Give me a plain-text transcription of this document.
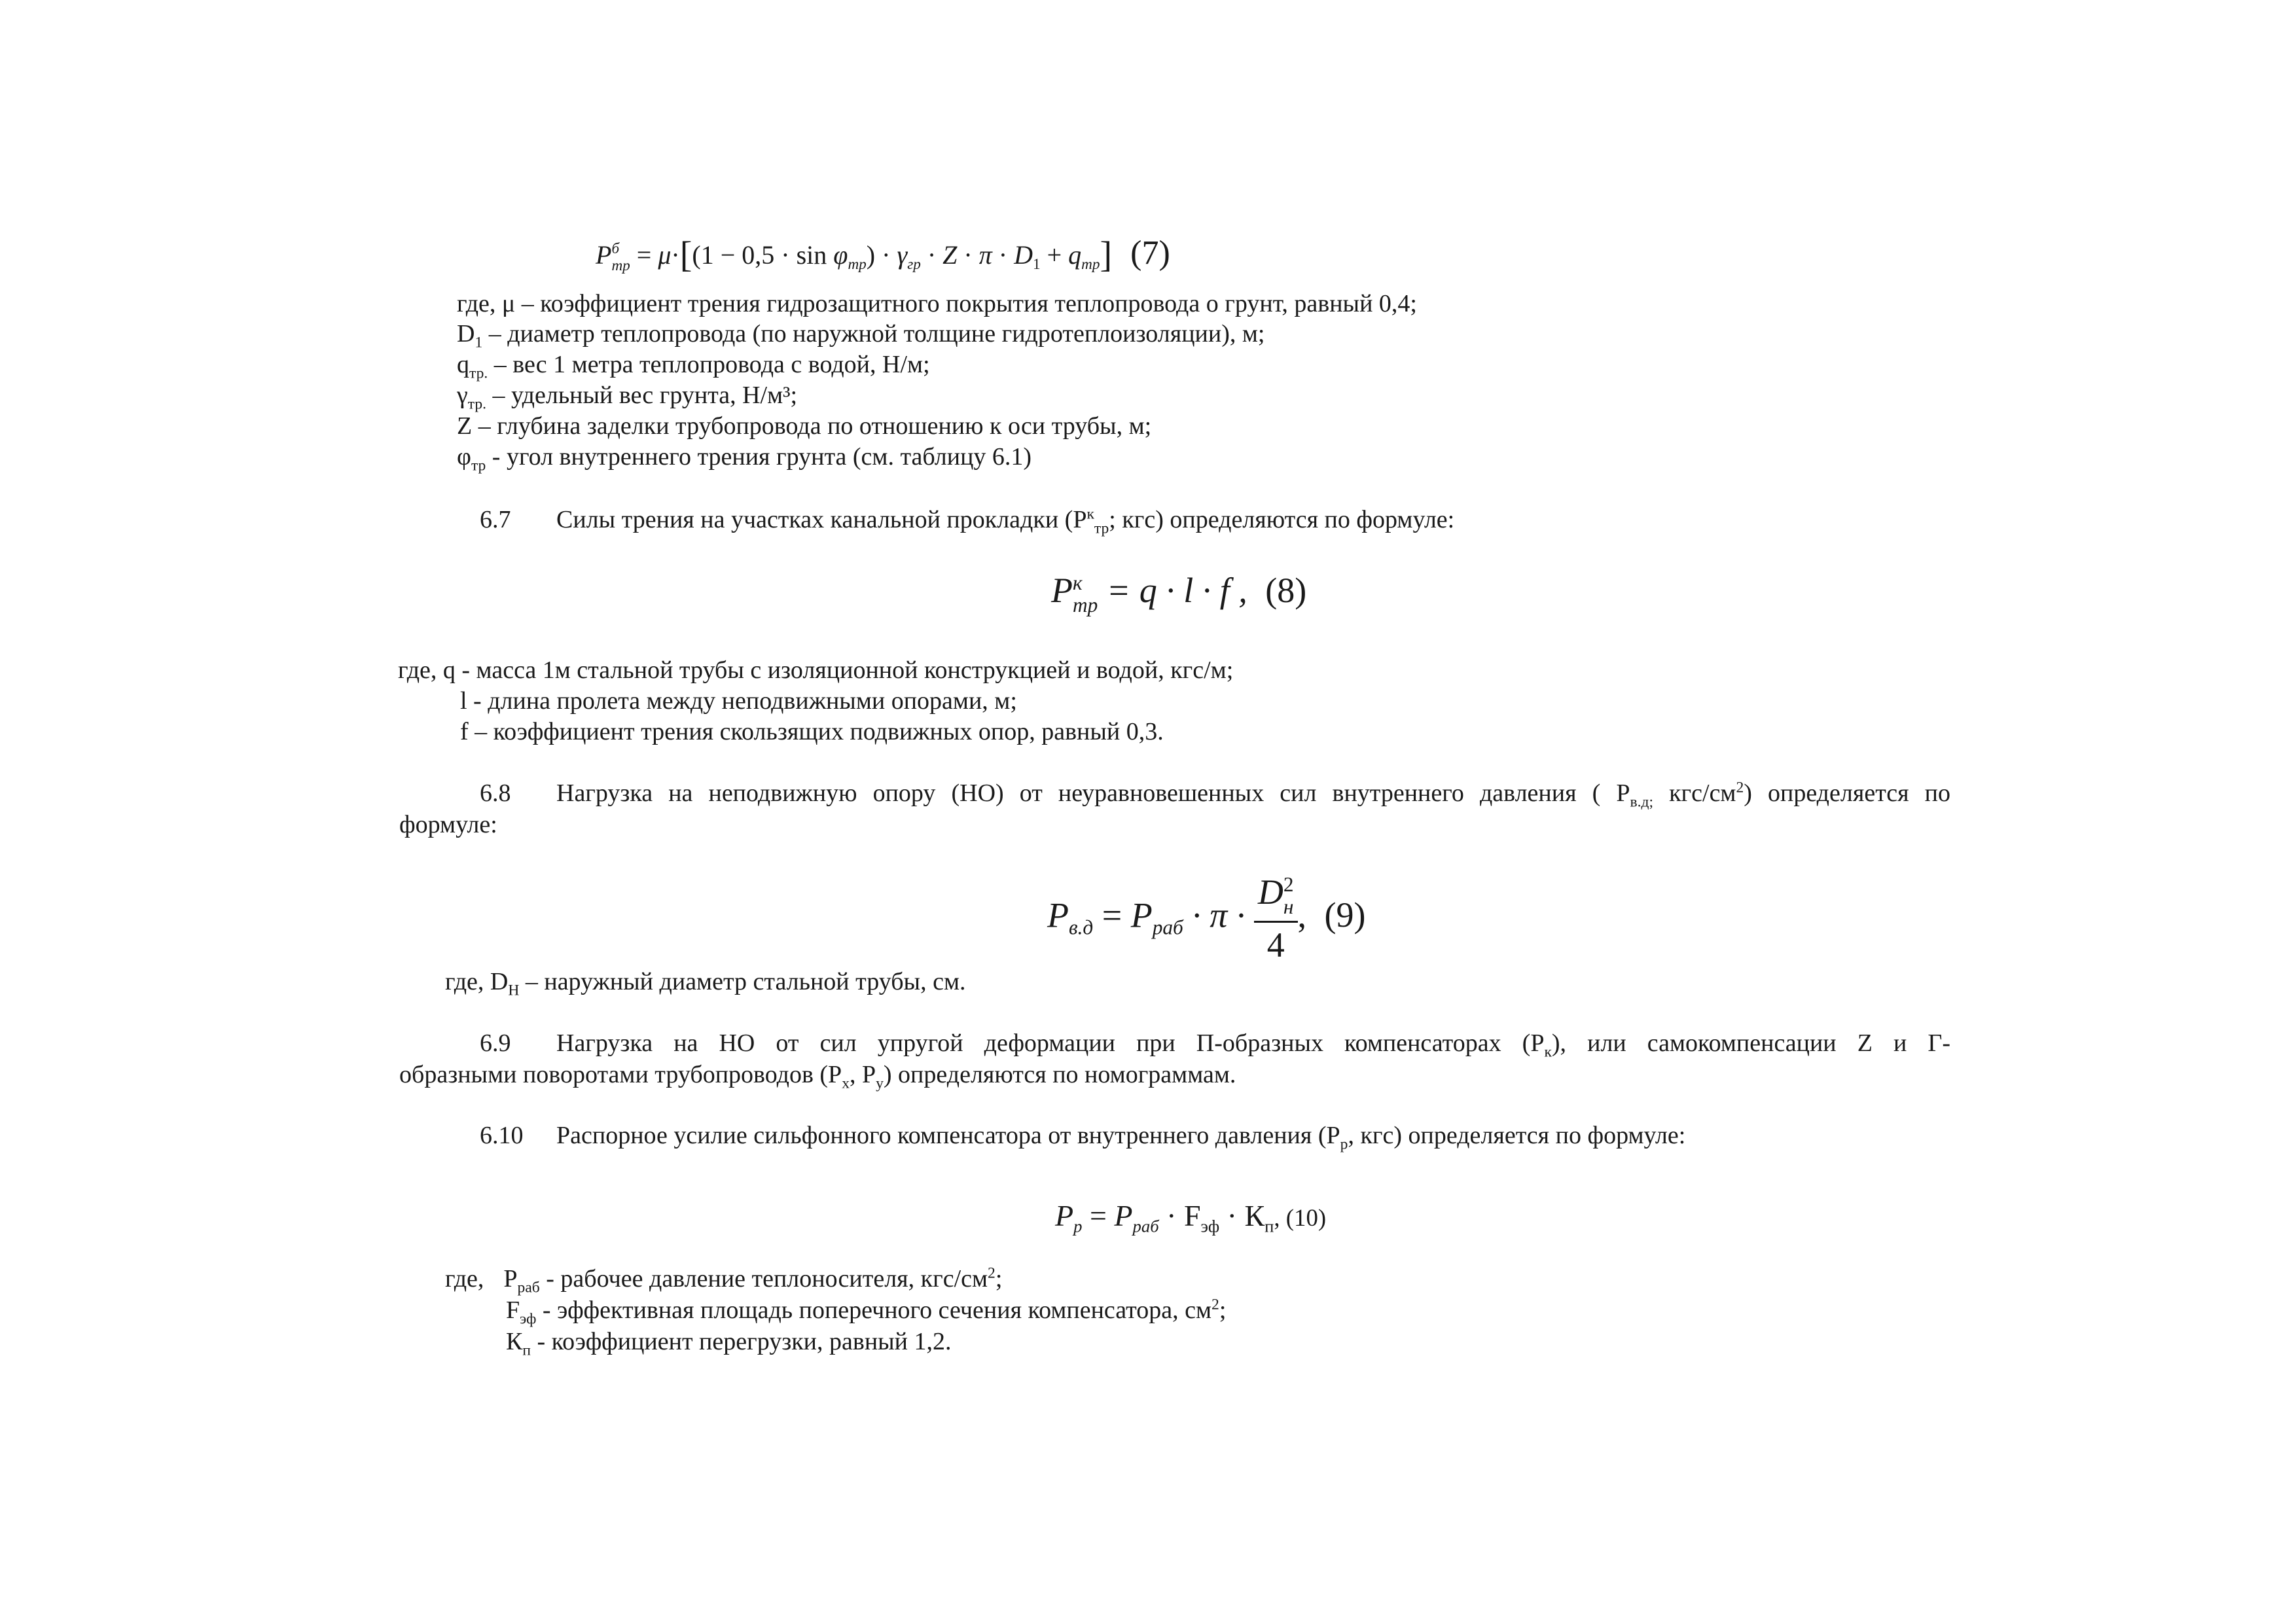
P б
тр = $\mu\cdot[(1 - 0,5 \cdot \sin \varphi_{тр}) \cdot \gamma_{гр} \cdot Z \cdot \pi \cdot D_1 + q_{тр}]$ (7)
где, μ – коэффициент трения гидрозащитного покрытия теплопровода о грунт, равный 0,4;
$D_1$ – диаметр теплопровода (по наружной толщине гидротеплоизоляции), м;
$q_{тр.}$ – вес 1 метра теплопровода с водой, Н/м;
$\gamma_{тр.}$ – удельный вес грунта, Н/м³;
Z – глубина заделки трубопровода по отношению к оси трубы, м;
$\varphi_{тр}$ - угол внутреннего трения грунта (см. таблицу 6.1)
6.7 Силы трения на участках канальной прокладки ($Р^к_{тр}$; кгс) определяются по формуле:
P к
тр = q · l · f , (8)
где, q - масса 1м стальной трубы с изоляционной конструкцией и водой, кгс/м;
l - длина пролета между неподвижными опорами, м;
f – коэффициент трения скользящих подвижных опор, равный 0,3.
6.8 Нагрузка на неподвижную опору (НО) от неуравновешенных сил внутреннего давления ( $Р_{в.д;}$ кгс/$см^2$) определяется по
формуле:
$P_{в.д} = P_{раб} \cdot \pi \cdot D$ 2
н
4 , (9)
где, $D_Н$ – наружный диаметр стальной трубы, см.
6.9 Нагрузка на НО от сил упругой деформации при П-образных компенсаторах $(Р_к)$, или самокомпенсации Z и Г-
образными поворотами трубопроводов ($Р_х$, $Р_у$) определяются по номограммам.
6.10 Распорное усилие сильфонного компенсатора от внутреннего давления ($Р_р$, кгс) определяется по формуле:
$P_р = P_{раб} \cdot F_{эф} \cdot К_п$, (10)
где, $Р_{раб}$ - рабочее давление теплоносителя, кгс/$см^2$;
$F_{эф}$ - эффективная площадь поперечного сечения компенсатора, $см^2$;
$К_п$ - коэффициент перегрузки, равный 1,2.
